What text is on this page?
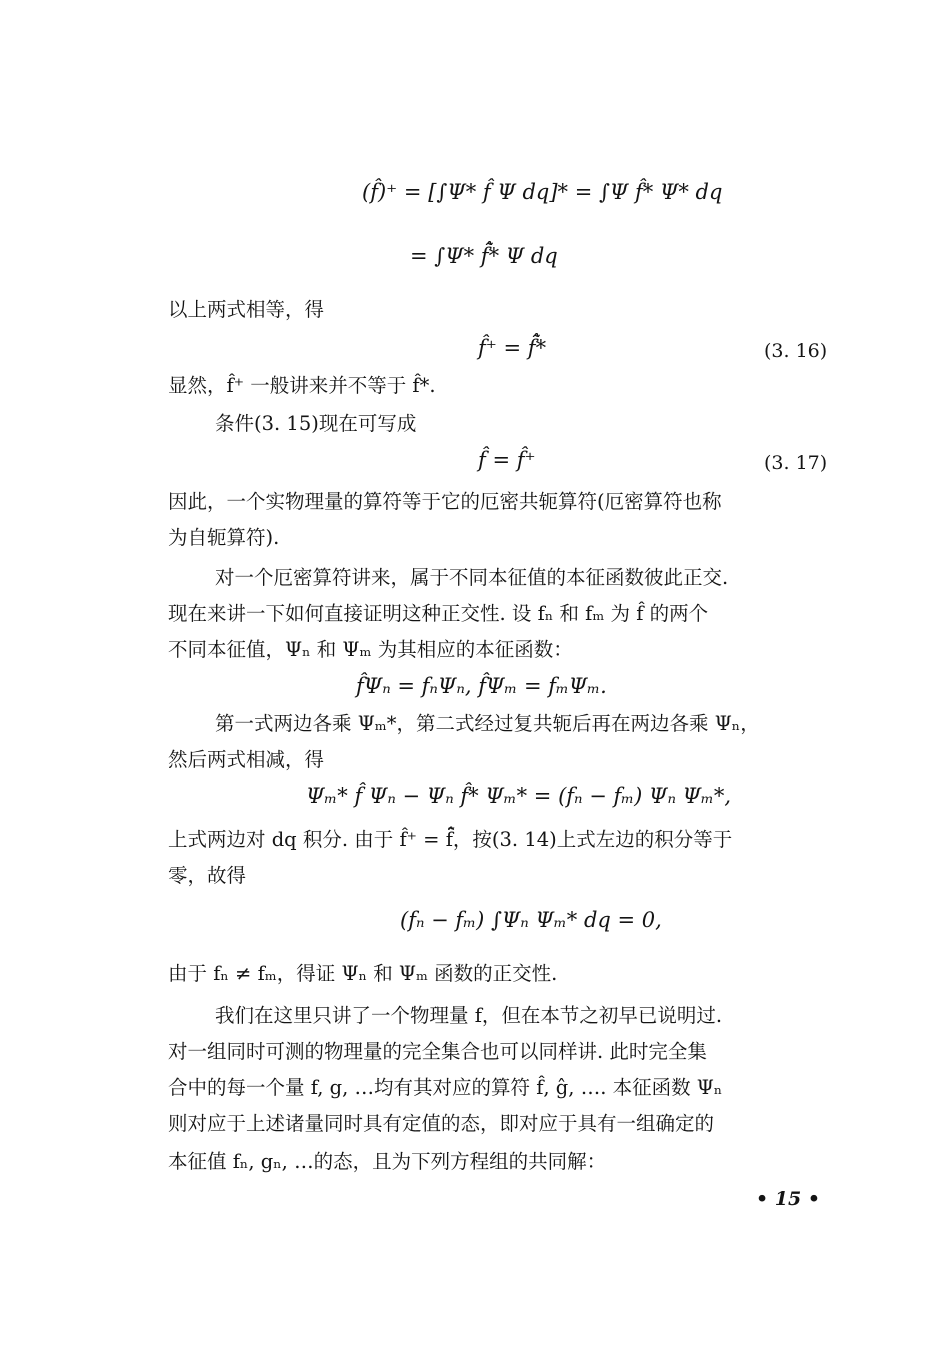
(f̂)⁺ = [∫Ψ* f̂ Ψ dq]* = ∫Ψ f̂* Ψ* dq
= ∫Ψ* f̃̂* Ψ dq
以上两式相等，得
f̂⁺ = f̃̂*	(3. 16)
显然，f̂⁺ 一般讲来并不等于 f̂*.
条件(3. 15)现在可写成
f̂ = f̂⁺	(3. 17)
因此，一个实物理量的算符等于它的厄密共轭算符(厄密算符也称
为自轭算符).
对一个厄密算符讲来，属于不同本征值的本征函数彼此正交.
现在来讲一下如何直接证明这种正交性. 设 fₙ 和 fₘ 为 f̂ 的两个
不同本征值，Ψₙ 和 Ψₘ 为其相应的本征函数：
f̂Ψₙ = fₙΨₙ, f̂Ψₘ = fₘΨₘ.
第一式两边各乘 Ψₘ*，第二式经过复共轭后再在两边各乘 Ψₙ，
然后两式相减，得
Ψₘ* f̂ Ψₙ − Ψₙ f̂* Ψₘ* = (fₙ − fₘ) Ψₙ Ψₘ*,
上式两边对 dq 积分. 由于 f̂⁺ = f̃̂，按(3. 14)上式左边的积分等于
零，故得
(fₙ − fₘ) ∫Ψₙ Ψₘ* dq = 0,
由于 fₙ ≠ fₘ，得证 Ψₙ 和 Ψₘ 函数的正交性.
我们在这里只讲了一个物理量 f，但在本节之初早已说明过.
对一组同时可测的物理量的完全集合也可以同样讲. 此时完全集
合中的每一个量 f, g, …均有其对应的算符 f̂, ĝ, …. 本征函数 Ψₙ
则对应于上述诸量同时具有定值的态，即对应于具有一组确定的
本征值 fₙ, gₙ, …的态，且为下列方程组的共同解：
• 15 •
